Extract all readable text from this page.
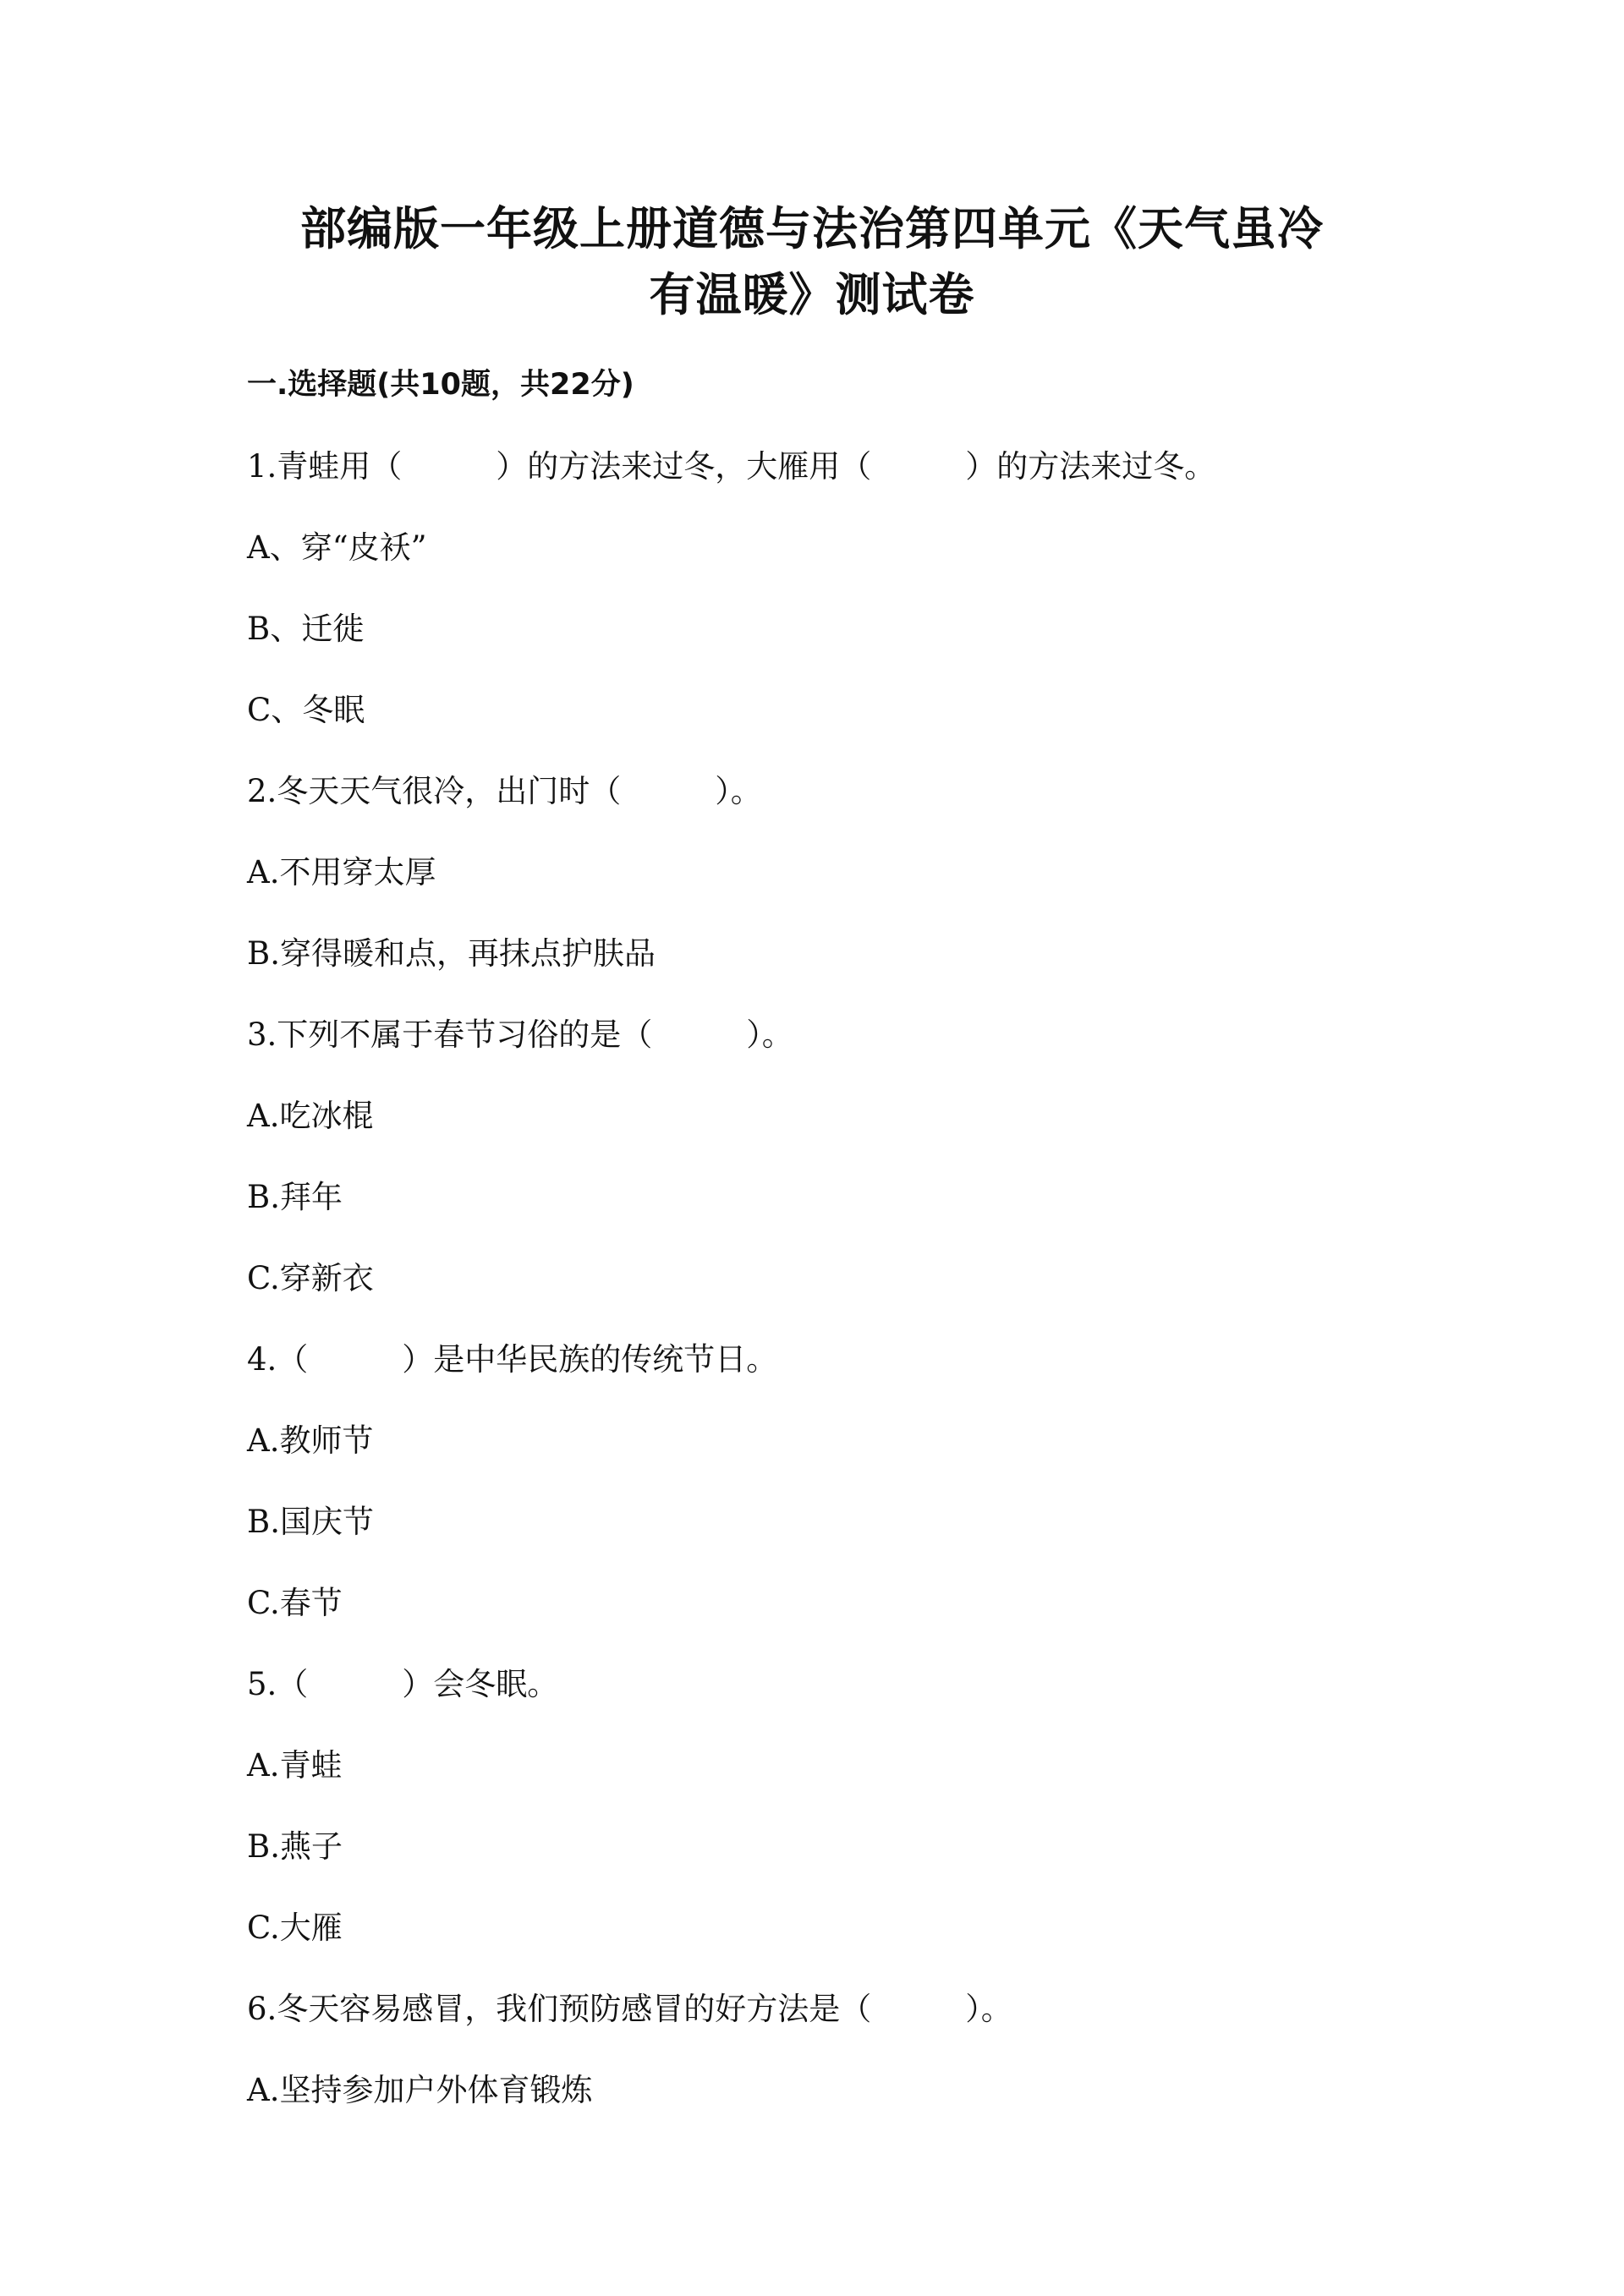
部编版一年级上册道德与法治第四单元《天气虽冷
有温暖》测试卷
一.选择题(共10题，共22分)
1.青蛙用（　　　）的方法来过冬，大雁用（　　　）的方法来过冬。
A、穿“皮袄”
B、迁徙
C、冬眠
2.冬天天气很冷，出门时（　　　）。
A.不用穿太厚
B.穿得暖和点，再抹点护肤品
3.下列不属于春节习俗的是（　　　）。
A.吃冰棍
B.拜年
C.穿新衣
4.（　　　）是中华民族的传统节日。
A.教师节
B.国庆节
C.春节
5.（　　　）会冬眠。
A.青蛙
B.燕子
C.大雁
6.冬天容易感冒，我们预防感冒的好方法是（　　　）。
A.坚持参加户外体育锻炼
